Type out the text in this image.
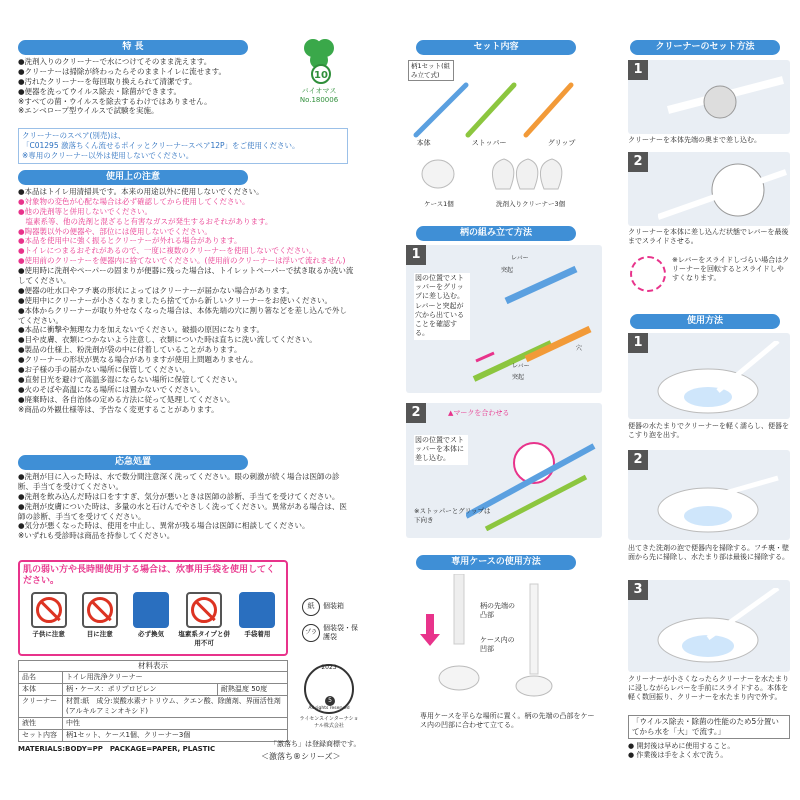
特 長
●洗剤入りのクリーナーで水につけてそのまま洗えます。
●クリーナーは掃除が終わったらそのままトイレに流せます。
●汚れたクリーナーを毎回取り換えられて清潔です。
●便器を洗ってウイルス除去・除菌ができます。
※すべての菌・ウイルスを除去するわけではありません。
※エンベロープ型ウイルスで試験を実施。
10
バイオマス
No.180006
クリーナーのスペア(別売)は、
「C01295 激落ちくん流せるポイッとクリーナースペア12P」をご使用ください。
※専用のクリーナー以外は使用しないでください。
使用上の注意
●本品はトイレ用清掃具です。本来の用途以外に使用しないでください。
●対象物の変色が心配な場合は必ず確認してから使用してください。
●他の洗剤等と併用しないでください。
　塩素系等、他の洗剤と混ざると有害なガスが発生するおそれがあります。
●陶器製以外の便器や、部位には使用しないでください。
●本品を使用中に強く振るとクリーナーが外れる場合があります。
●トイレにつまるおそれがあるので、一度に複数のクリーナーを使用しないでください。
●使用前のクリーナーを便器内に捨てないでください。(使用前のクリーナーは浮いて流れません)
●使用時に洗剤やペーパーの固まりが便器に残った場合は、トイレットペーパーで拭き取るか洗い流してください。
●便器の吐水口やフチ裏の形状によってはクリーナーが届かない場合があります。
●使用中にクリーナーが小さくなりましたら捨ててから新しいクリーナーをお使いください。
●本体からクリーナーが取り外せなくなった場合は、本体先端の穴に割り箸などを差し込んで外してください。
●本品に衝撃や無理な力を加えないでください。破損の原因になります。
●目や皮膚、衣類につかないよう注意し、衣類についた時は直ちに洗い流してください。
●製品の仕様上、粉洗剤が袋の中に付着していることがあります。
●クリーナーの形状が異なる場合がありますが使用上問題ありません。
●お子様の手の届かない場所に保管してください。
●直射日光を避けて高温多湿にならない場所に保管してください。
●火のそばや高温になる場所には置かないでください。
●廃棄時は、各自治体の定める方法に従って処理してください。
※商品の外観仕様等は、予告なく変更することがあります。
応急処置
●洗剤が目に入った時は、水で数分間注意深く洗ってください。眼の刺激が続く場合は医師の診断、手当てを受けてください。
●洗剤を飲み込んだ時は口をすすぎ、気分が悪いときは医師の診断、手当てを受けてください。
●洗剤が皮膚についた時は、多量の水と石けんでやさしく洗ってください。異常がある場合は、医師の診断、手当てを受けてください。
●気分が悪くなった時は、使用を中止し、異常が残る場合は医師に相談してください。
※いずれも受診時は商品を持参してください。
肌の弱い方や長時間使用する場合は、炊事用手袋を使用してください。
子供に注意	目に注意	必ず換気	塩素系タイプと併用不可
手袋着用
紙	個装箱
プラ
個装袋・保護袋
材料表示
品名	トイレ用洗浄クリーナー	
本体	柄・ケース：ポリプロピレン	耐熱温度 50度
クリーナー	材質:紙　成分:炭酸水素ナトリウム、クエン酸、除菌剤、界面活性剤(アルキルアミンオキシド)	
液性	中性	
セット内容	柄1セット、ケース1個、クリーナー3個	
MATERIALS:BODY=PP　PACKAGE=PAPER, PLASTIC
2023
5
All rights reserved
ライセンスインターナショナル株式会社
「激落ち」は登録商標です。
＜激落ち®シリーズ＞
セット内容
柄1セット(組み立て式)
本体	ストッパー	グリップ
ケース1個	洗剤入りクリーナー3個
柄の組み立て方法
1
図の位置でストッパーをグリップに差し込む。レバーと突起が穴から出ていることを確認する。
レバー
突起
穴
レバー
突起
2	▲マークを合わせる
図の位置でストッパーを本体に差し込む。
※ストッパーとグリップは下向き
専用ケースの使用方法
柄の先端の凸部
ケース内の凹部
専用ケースを平らな場所に置く。柄の先端の凸部をケース内の凹部に合わせて立てる。
クリーナーのセット方法
1
クリーナーを本体先端の奥まで差し込む。
2
クリーナーを本体に差し込んだ状態でレバーを最後までスライドさせる。
※レバーをスライドしづらい場合はクリーナーを回転するとスライドしやすくなります。
使用方法
1
便器の水たまりでクリーナーを軽く濡らし、便器をこすり泡を出す。
2
出てきた洗剤の泡で便器内を掃除する。フチ裏・壁面から先に掃除し、水たまり部は最後に掃除する。
3
クリーナーが小さくなったらクリーナーを水たまりに浸しながらレバーを手前にスライドする。本体を軽く数回振り、クリーナーを水たまり内で外す。
「ウイルス除去・除菌の性能のため5分置いてから水を「大」で流す。」
● 開封後は早めに使用すること。
● 作業後は手をよく水で洗う。
